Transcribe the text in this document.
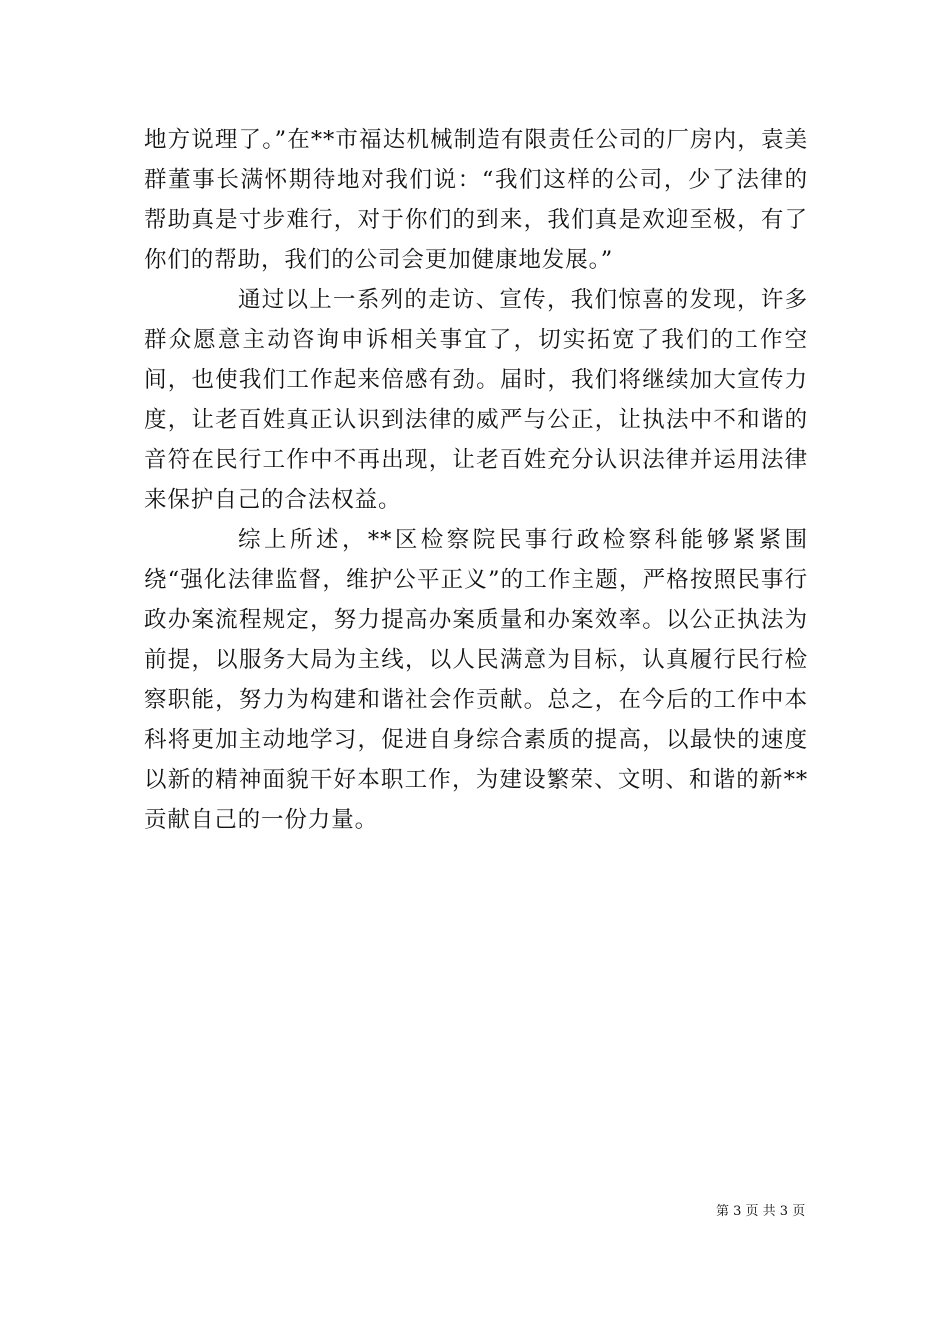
地方说理了。”在**市福达机械制造有限责任公司的厂房内，袁美群董事长满怀期待地对我们说：“我们这样的公司，少了法律的帮助真是寸步难行，对于你们的到来，我们真是欢迎至极，有了你们的帮助，我们的公司会更加健康地发展。”

通过以上一系列的走访、宣传，我们惊喜的发现，许多群众愿意主动咨询申诉相关事宜了，切实拓宽了我们的工作空间，也使我们工作起来倍感有劲。届时，我们将继续加大宣传力度，让老百姓真正认识到法律的威严与公正，让执法中不和谐的音符在民行工作中不再出现，让老百姓充分认识法律并运用法律来保护自己的合法权益。

综上所述，**区检察院民事行政检察科能够紧紧围绕“强化法律监督，维护公平正义”的工作主题，严格按照民事行政办案流程规定，努力提高办案质量和办案效率。以公正执法为前提，以服务大局为主线，以人民满意为目标，认真履行民行检察职能，努力为构建和谐社会作贡献。总之，在今后的工作中本科将更加主动地学习，促进自身综合素质的提高，以最快的速度以新的精神面貌干好本职工作，为建设繁荣、文明、和谐的新**贡献自己的一份力量。

第 3 页 共 3 页
